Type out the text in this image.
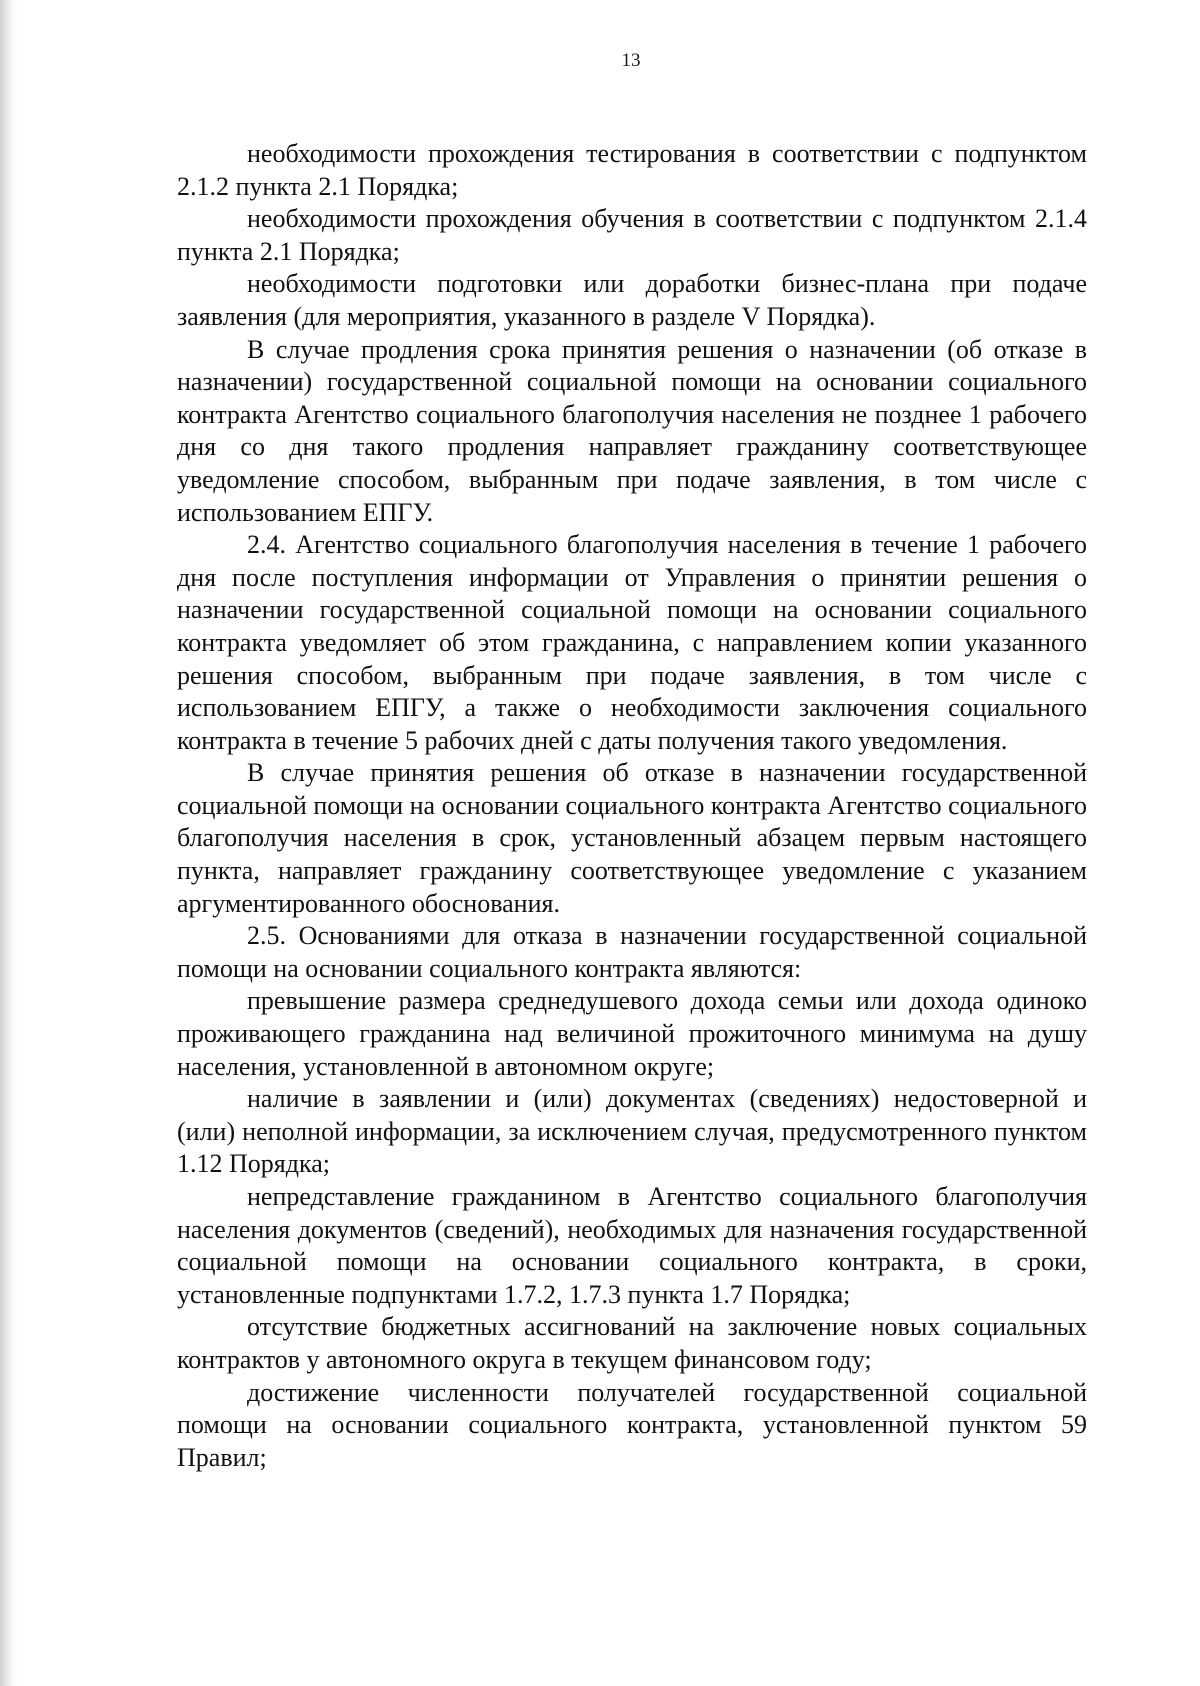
13

необходимости прохождения тестирования в соответствии с подпунктом 2.1.2 пункта 2.1 Порядка;

необходимости прохождения обучения в соответствии с подпунктом 2.1.4 пункта 2.1 Порядка;

необходимости подготовки или доработки бизнес-плана при подаче заявления (для мероприятия, указанного в разделе V Порядка).

В случае продления срока принятия решения о назначении (об отказе в назначении) государственной социальной помощи на основании социального контракта Агентство социального благополучия населения не позднее 1 рабочего дня со дня такого продления направляет гражданину соответствующее уведомление способом, выбранным при подаче заявления, в том числе с использованием ЕПГУ.

2.4. Агентство социального благополучия населения в течение 1 рабочего дня после поступления информации от Управления о принятии решения о назначении государственной социальной помощи на основании социального контракта уведомляет об этом гражданина, с направлением копии указанного решения способом, выбранным при подаче заявления, в том числе с использованием ЕПГУ, а также о необходимости заключения социального контракта в течение 5 рабочих дней с даты получения такого уведомления.

В случае принятия решения об отказе в назначении государственной социальной помощи на основании социального контракта Агентство социального благополучия населения в срок, установленный абзацем первым настоящего пункта, направляет гражданину соответствующее уведомление с указанием аргументированного обоснования.

2.5. Основаниями для отказа в назначении государственной социальной помощи на основании социального контракта являются:

превышение размера среднедушевого дохода семьи или дохода одиноко проживающего гражданина над величиной прожиточного минимума на душу населения, установленной в автономном округе;

наличие в заявлении и (или) документах (сведениях) недостоверной и (или) неполной информации, за исключением случая, предусмотренного пунктом 1.12 Порядка;

непредставление гражданином в Агентство социального благополучия населения документов (сведений), необходимых для назначения государственной социальной помощи на основании социального контракта, в сроки, установленные подпунктами 1.7.2, 1.7.3 пункта 1.7 Порядка;

отсутствие бюджетных ассигнований на заключение новых социальных контрактов у автономного округа в текущем финансовом году;

достижение численности получателей государственной социальной помощи на основании социального контракта, установленной пунктом 59 Правил;
